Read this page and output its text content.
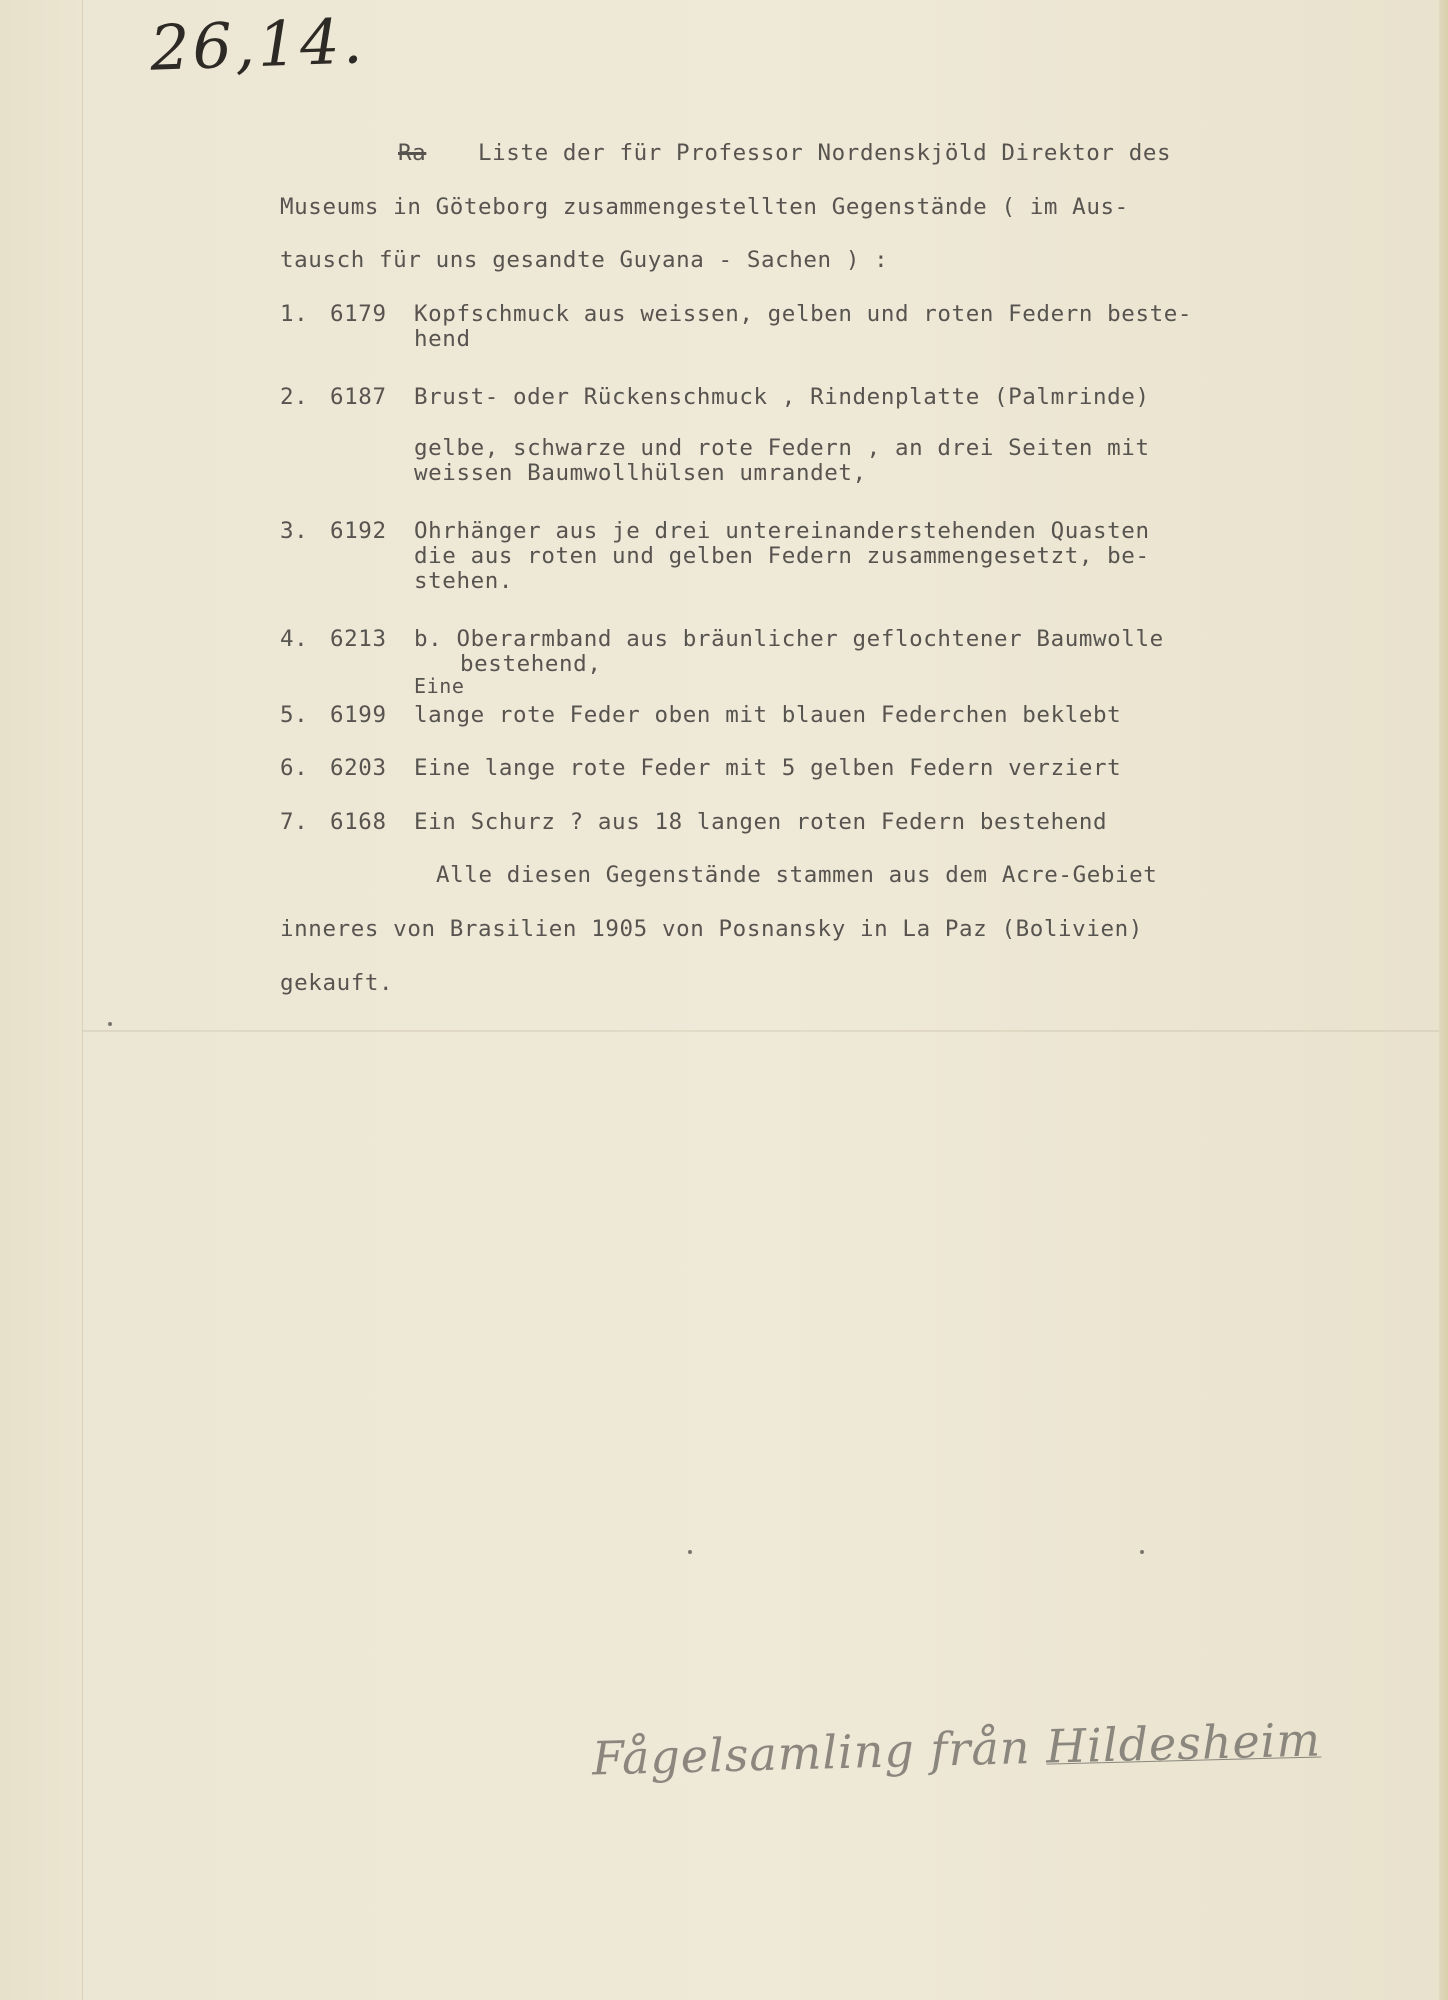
26,14.
Ra Liste der für Professor Nordenskjöld Direktor des
Museums in Göteborg zusammengestellten Gegenstände ( im Aus-
tausch für uns gesandte Guyana - Sachen ) :
1. 6179 Kopfschmuck aus weissen, gelben und roten Federn beste-
hend
2. 6187 Brust- oder Rückenschmuck , Rindenplatte (Palmrinde)
gelbe, schwarze und rote Federn , an drei Seiten mit
weissen Baumwollhülsen umrandet,
3. 6192 Ohrhänger aus je drei untereinanderstehenden Quasten
die aus roten und gelben Federn zusammengesetzt, be-
stehen.
4. 6213 b. Oberarmband aus bräunlicher geflochtener Baumwolle
bestehend,
Eine
5. 6199 lange rote Feder oben mit blauen Federchen beklebt
6. 6203 Eine lange rote Feder mit 5 gelben Federn verziert
7. 6168 Ein Schurz ? aus 18 langen roten Federn bestehend
Alle diesen Gegenstände stammen aus dem Acre-Gebiet
inneres von Brasilien 1905 von Posnansky in La Paz (Bolivien)
gekauft.
Fågelsamling från Hildesheim
